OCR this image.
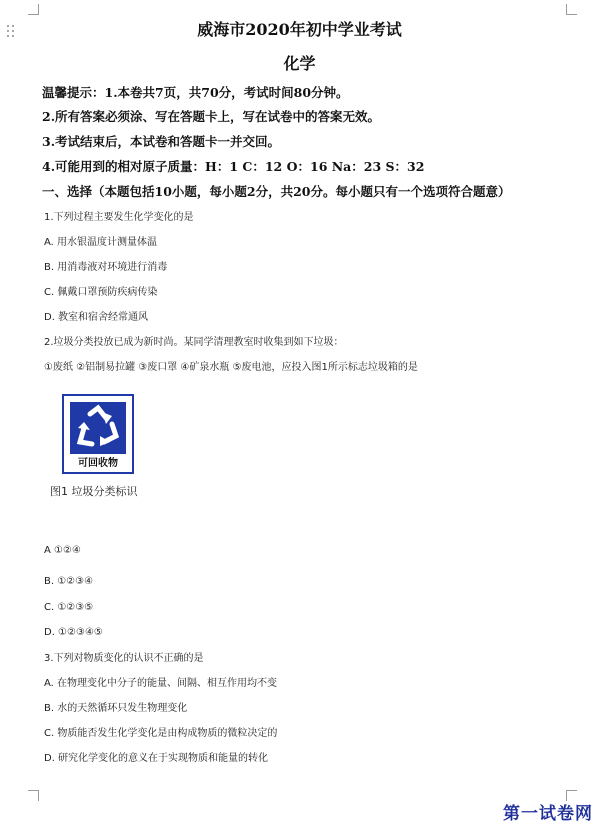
威海市2020年初中学业考试
化学
温馨提示：1.本卷共7页，共70分，考试时间80分钟。
2.所有答案必须涂、写在答题卡上，写在试卷中的答案无效。
3.考试结束后，本试卷和答题卡一并交回。
4.可能用到的相对原子质量：H：1 C：12 O：16 Na：23 S：32
一、选择（本题包括10小题，每小题2分，共20分。每小题只有一个选项符合题意）
1.下列过程主要发生化学变化的是
A. 用水银温度计测量体温
B. 用消毒液对环境进行消毒
C. 佩戴口罩预防疾病传染
D. 教室和宿舍经常通风
2.垃圾分类投放已成为新时尚。某同学清理教室时收集到如下垃圾：
①废纸 ②铝制易拉罐 ③废口罩 ④矿泉水瓶 ⑤废电池，应投入图1所示标志垃圾箱的是
可回收物
图1 垃圾分类标识
A ①②④
B. ①②③④
C. ①②③⑤
D. ①②③④⑤
3.下列对物质变化的认识不正确的是
A. 在物理变化中分子的能量、间隔、相互作用均不变
B. 水的天然循环只发生物理变化
C. 物质能否发生化学变化是由构成物质的微粒决定的
D. 研究化学变化的意义在于实现物质和能量的转化
第一试卷网
